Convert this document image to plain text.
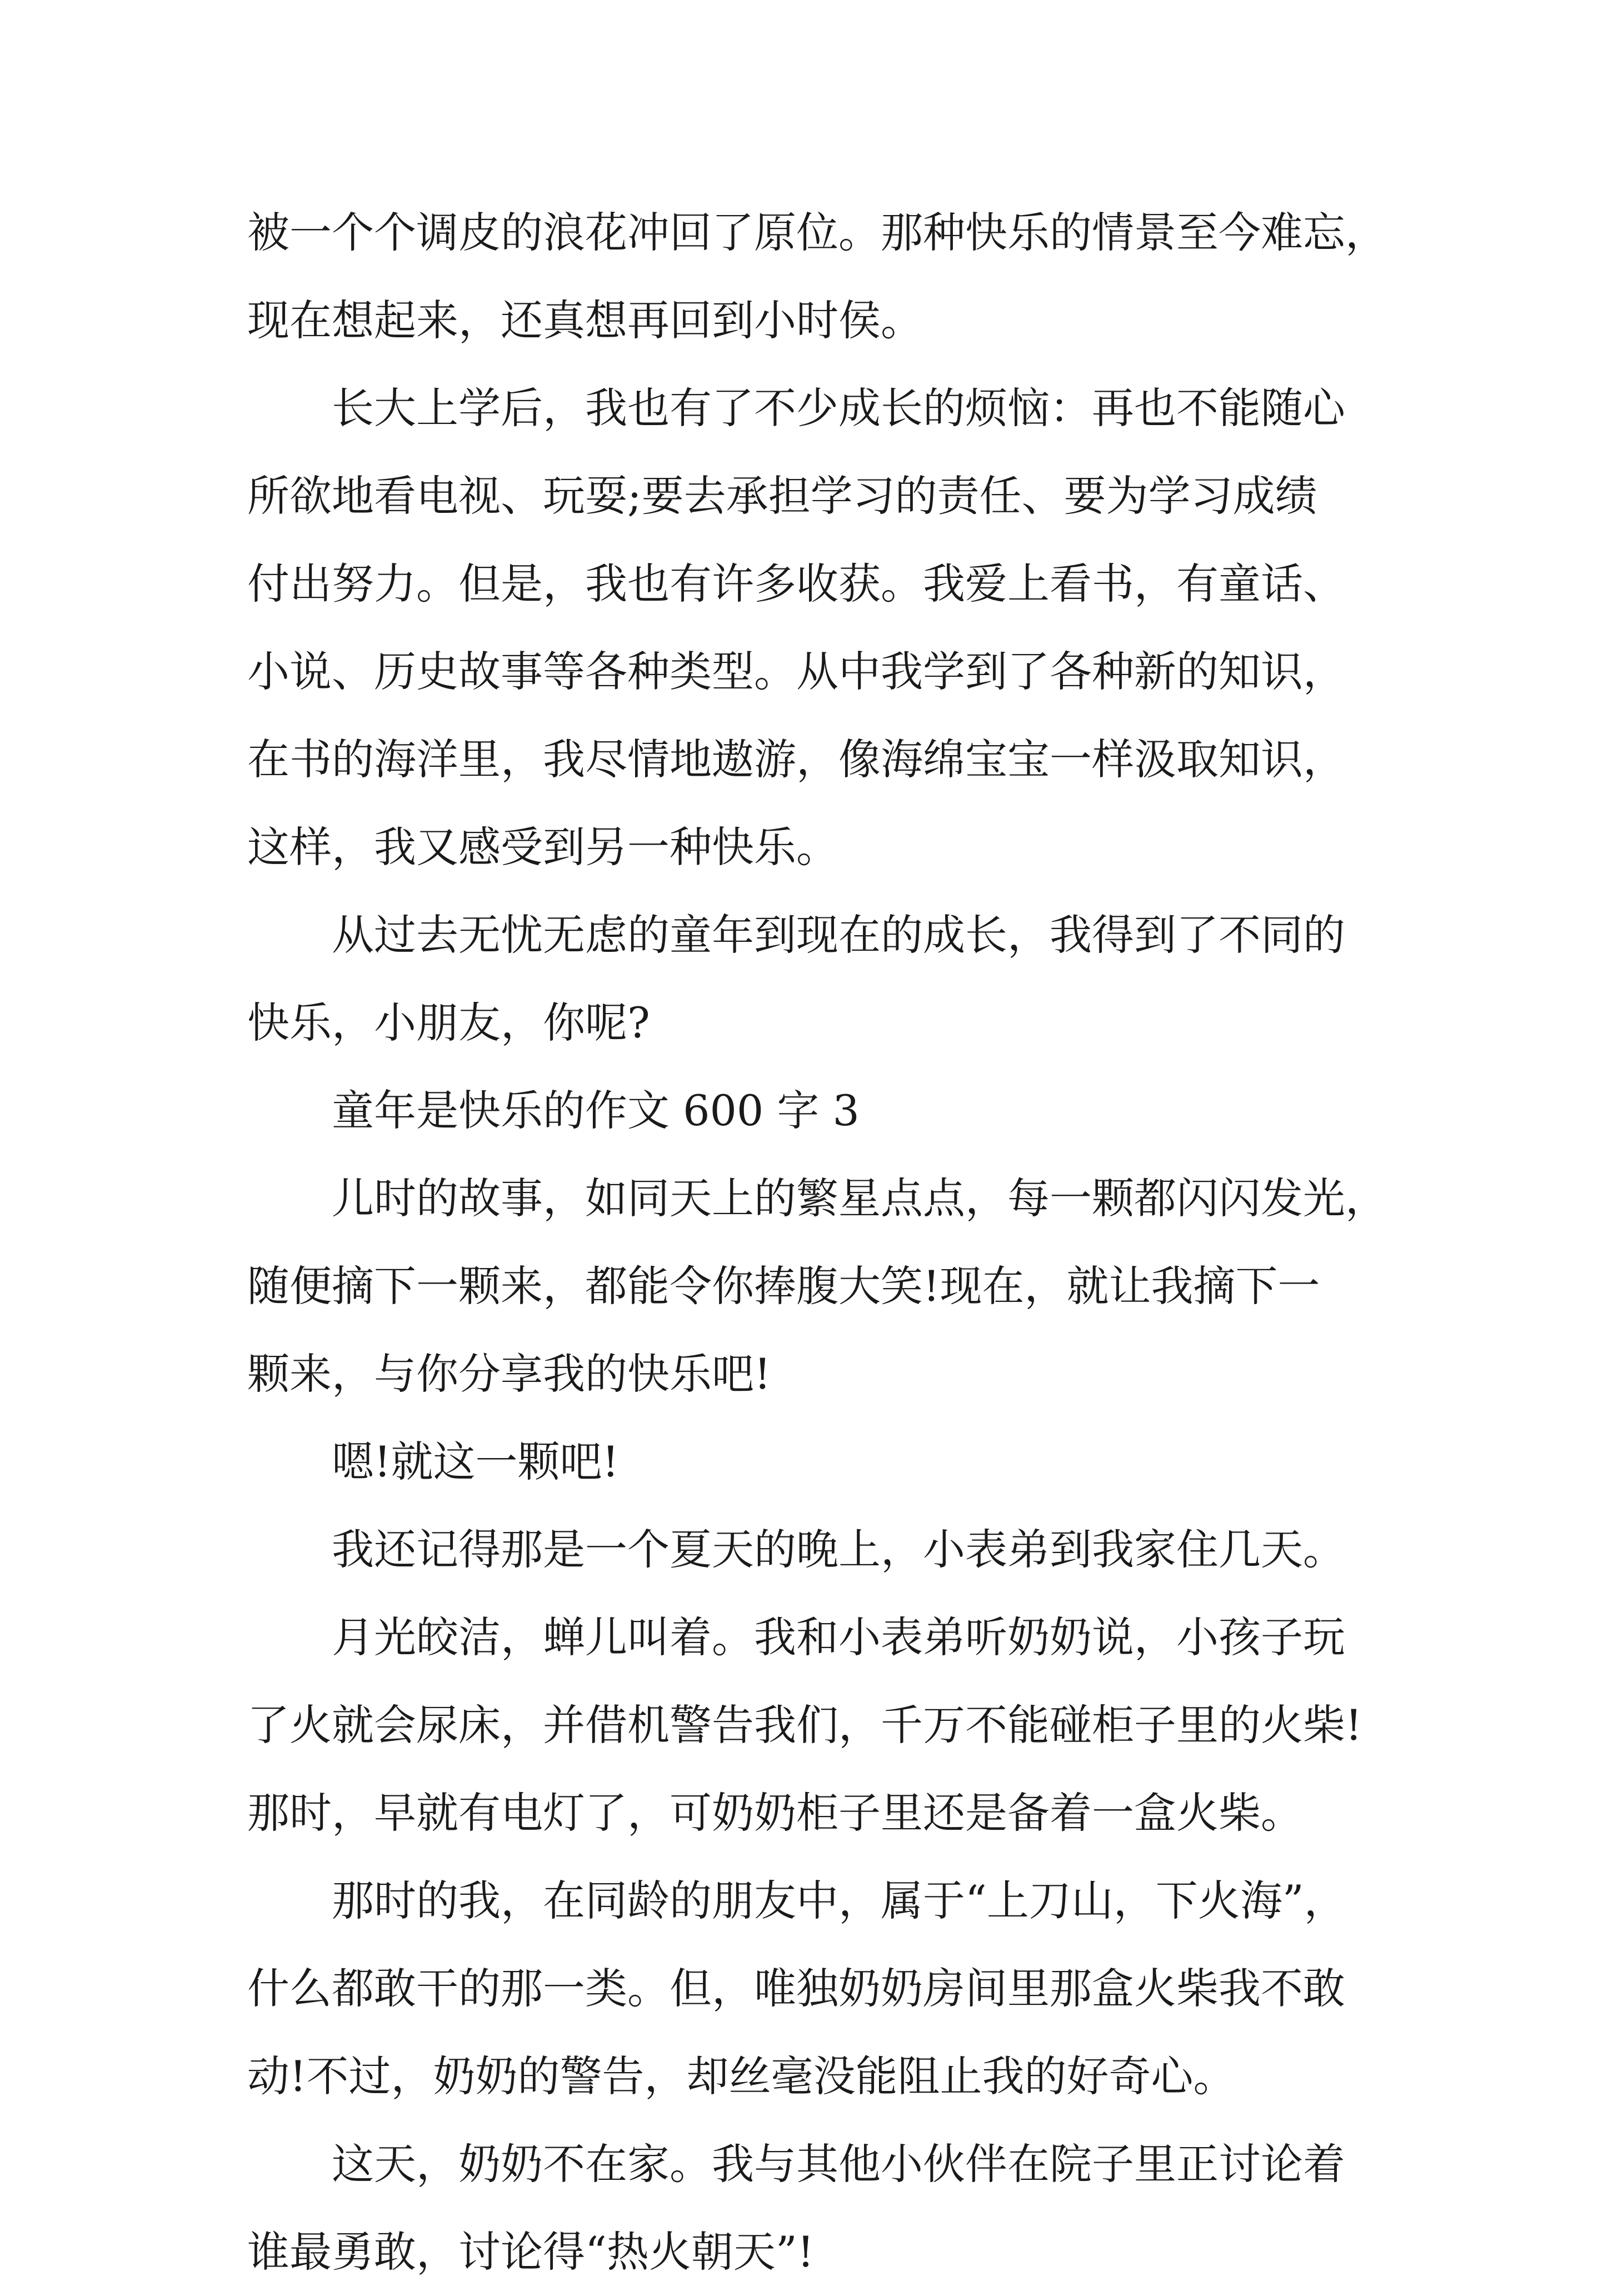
被一个个调皮的浪花冲回了原位。那种快乐的情景至今难忘，
现在想起来，还真想再回到小时侯。
长大上学后，我也有了不少成长的烦恼：再也不能随心
所欲地看电视、玩耍;要去承担学习的责任、要为学习成绩
付出努力。但是，我也有许多收获。我爱上看书，有童话、
小说、历史故事等各种类型。从中我学到了各种新的知识，
在书的海洋里，我尽情地遨游，像海绵宝宝一样汲取知识，
这样，我又感受到另一种快乐。
从过去无忧无虑的童年到现在的成长，我得到了不同的
快乐，小朋友，你呢?
童年是快乐的作文 600 字 3
儿时的故事，如同天上的繁星点点，每一颗都闪闪发光，
随便摘下一颗来，都能令你捧腹大笑!现在，就让我摘下一
颗来，与你分享我的快乐吧!
嗯!就这一颗吧!
我还记得那是一个夏天的晚上，小表弟到我家住几天。
月光皎洁，蝉儿叫着。我和小表弟听奶奶说，小孩子玩
了火就会尿床，并借机警告我们，千万不能碰柜子里的火柴!
那时，早就有电灯了，可奶奶柜子里还是备着一盒火柴。
那时的我，在同龄的朋友中，属于“上刀山，下火海”，
什么都敢干的那一类。但，唯独奶奶房间里那盒火柴我不敢
动!不过，奶奶的警告，却丝毫没能阻止我的好奇心。
这天，奶奶不在家。我与其他小伙伴在院子里正讨论着
谁最勇敢，讨论得“热火朝天”!
